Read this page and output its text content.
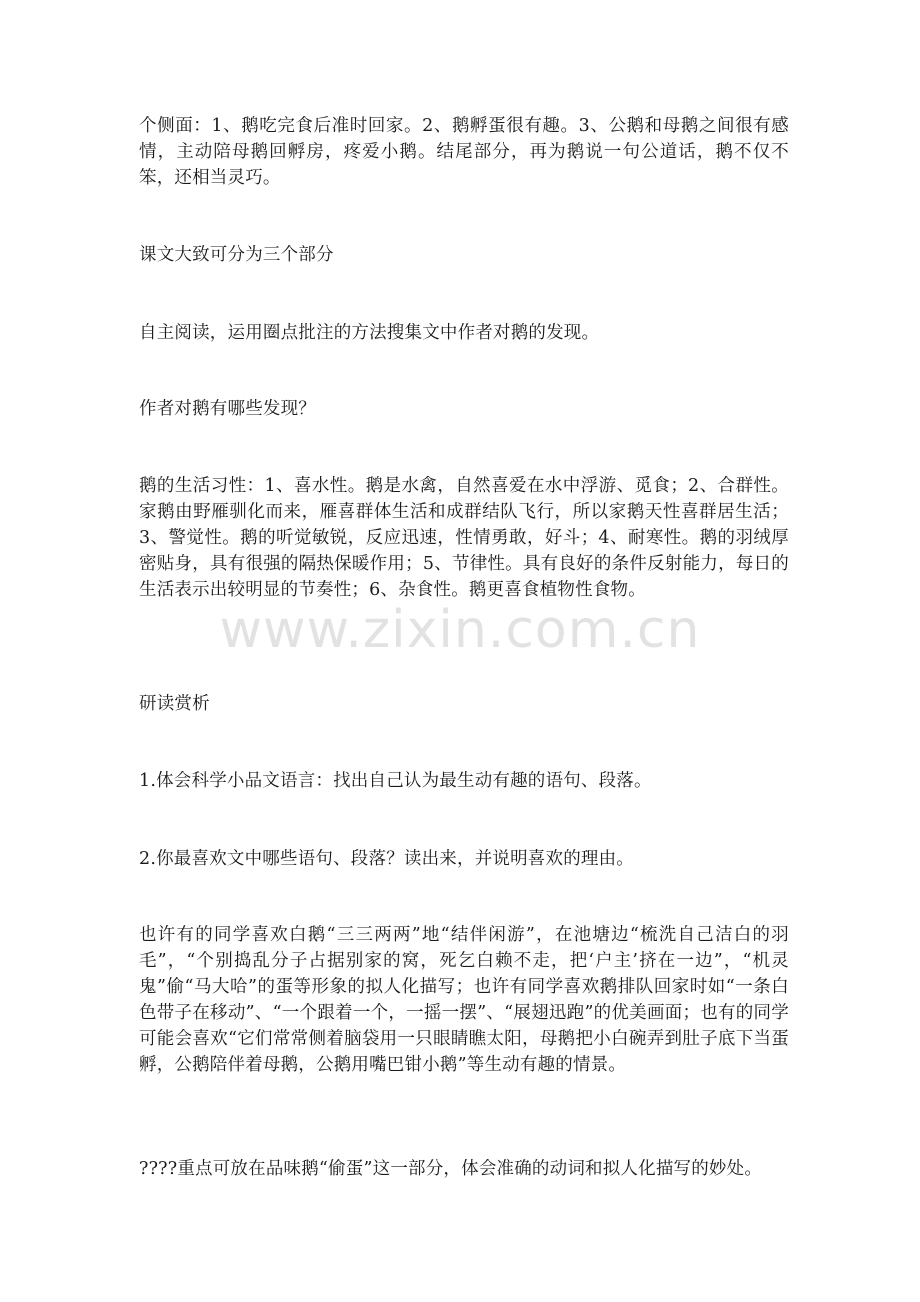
个侧面：1、鹅吃完食后准时回家。2、鹅孵蛋很有趣。3、公鹅和母鹅之间很有感情，主动陪母鹅回孵房，疼爱小鹅。结尾部分，再为鹅说一句公道话，鹅不仅不笨，还相当灵巧。

课文大致可分为三个部分

自主阅读，运用圈点批注的方法搜集文中作者对鹅的发现。

作者对鹅有哪些发现？

鹅的生活习性：1、喜水性。鹅是水禽，自然喜爱在水中浮游、觅食；2、合群性。家鹅由野雁驯化而来，雁喜群体生活和成群结队飞行，所以家鹅天性喜群居生活；3、警觉性。鹅的听觉敏锐，反应迅速，性情勇敢，好斗；4、耐寒性。鹅的羽绒厚密贴身，具有很强的隔热保暖作用；5、节律性。具有良好的条件反射能力，每日的生活表示出较明显的节奏性；6、杂食性。鹅更喜食植物性食物。

研读赏析

1.体会科学小品文语言：找出自己认为最生动有趣的语句、段落。

2.你最喜欢文中哪些语句、段落？读出来，并说明喜欢的理由。

也许有的同学喜欢白鹅“三三两两”地“结伴闲游”，在池塘边“梳洗自己洁白的羽毛”，“个别捣乱分子占据别家的窝，死乞白赖不走，把‘户主’挤在一边”，“机灵鬼”偷“马大哈”的蛋等形象的拟人化描写；也许有同学喜欢鹅排队回家时如“一条白色带子在移动”、“一个跟着一个，一摇一摆”、“展翅迅跑”的优美画面；也有的同学可能会喜欢“它们常常侧着脑袋用一只眼睛瞧太阳，母鹅把小白碗弄到肚子底下当蛋孵，公鹅陪伴着母鹅，公鹅用嘴巴钳小鹅”等生动有趣的情景。

????重点可放在品味鹅“偷蛋”这一部分，体会准确的动词和拟人化描写的妙处。

www.zixin.com.cn
